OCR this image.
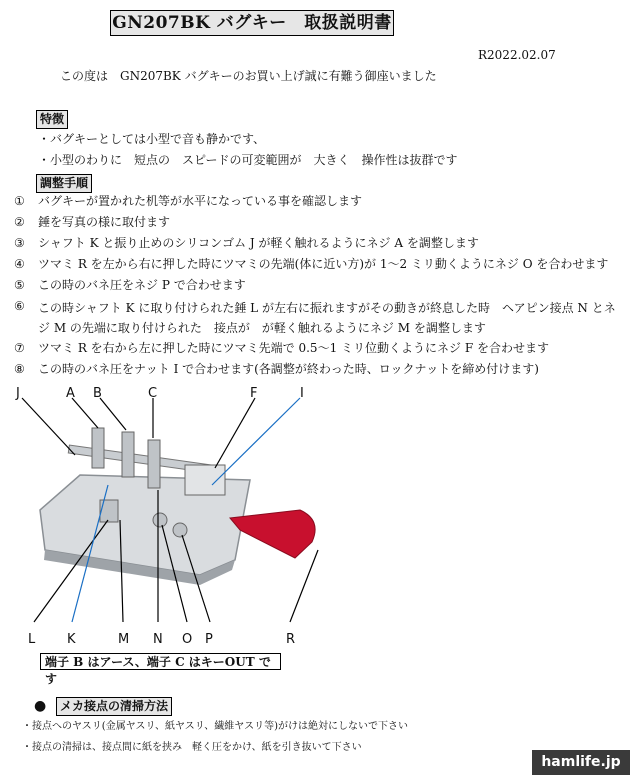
GN207BK バグキー　取扱説明書
R2022.02.07
この度は　GN207BK バグキーのお買い上げ誠に有難う御座いました
特徴
・バグキーとしては小型で音も静かです、
・小型のわりに　短点の　スピードの可変範囲が　大きく　操作性は抜群です
調整手順
① バグキーが置かれた机等が水平になっている事を確認します
② 錘を写真の様に取付ます
③ シャフト K と振り止めのシリコンゴム J が軽く触れるようにネジ A を調整します
④ ツマミ R を左から右に押した時にツマミの先端(体に近い方)が 1～2 ミリ動くようにネジ O を合わせます
⑤ この時のバネ圧をネジ P で合わせます
⑥ この時シャフト K に取り付けられた錘 L が左右に振れますがその動きが終息した時　ヘアピン接点 N とネジ M の先端に取り付けられた　接点が　が軽く触れるようにネジ M を調整します
⑦ ツマミ R を右から左に押した時にツマミ先端で 0.5～1 ミリ位動くようにネジ F を合わせます
⑧ この時のバネ圧をナット I で合わせます(各調整が終わった時、ロックナットを締め付けます)
J	A B	C	F	I
L K	M N O P	R
端子 B はアース、端子 C はキーOUT です
●	メカ接点の清掃方法
・接点へのヤスリ(金属ヤスリ、紙ヤスリ、繊維ヤスリ等)がけは絶対にしないで下さい
・接点の清掃は、接点間に紙を挟み　軽く圧をかけ、紙を引き抜いて下さい
hamlife.jp
